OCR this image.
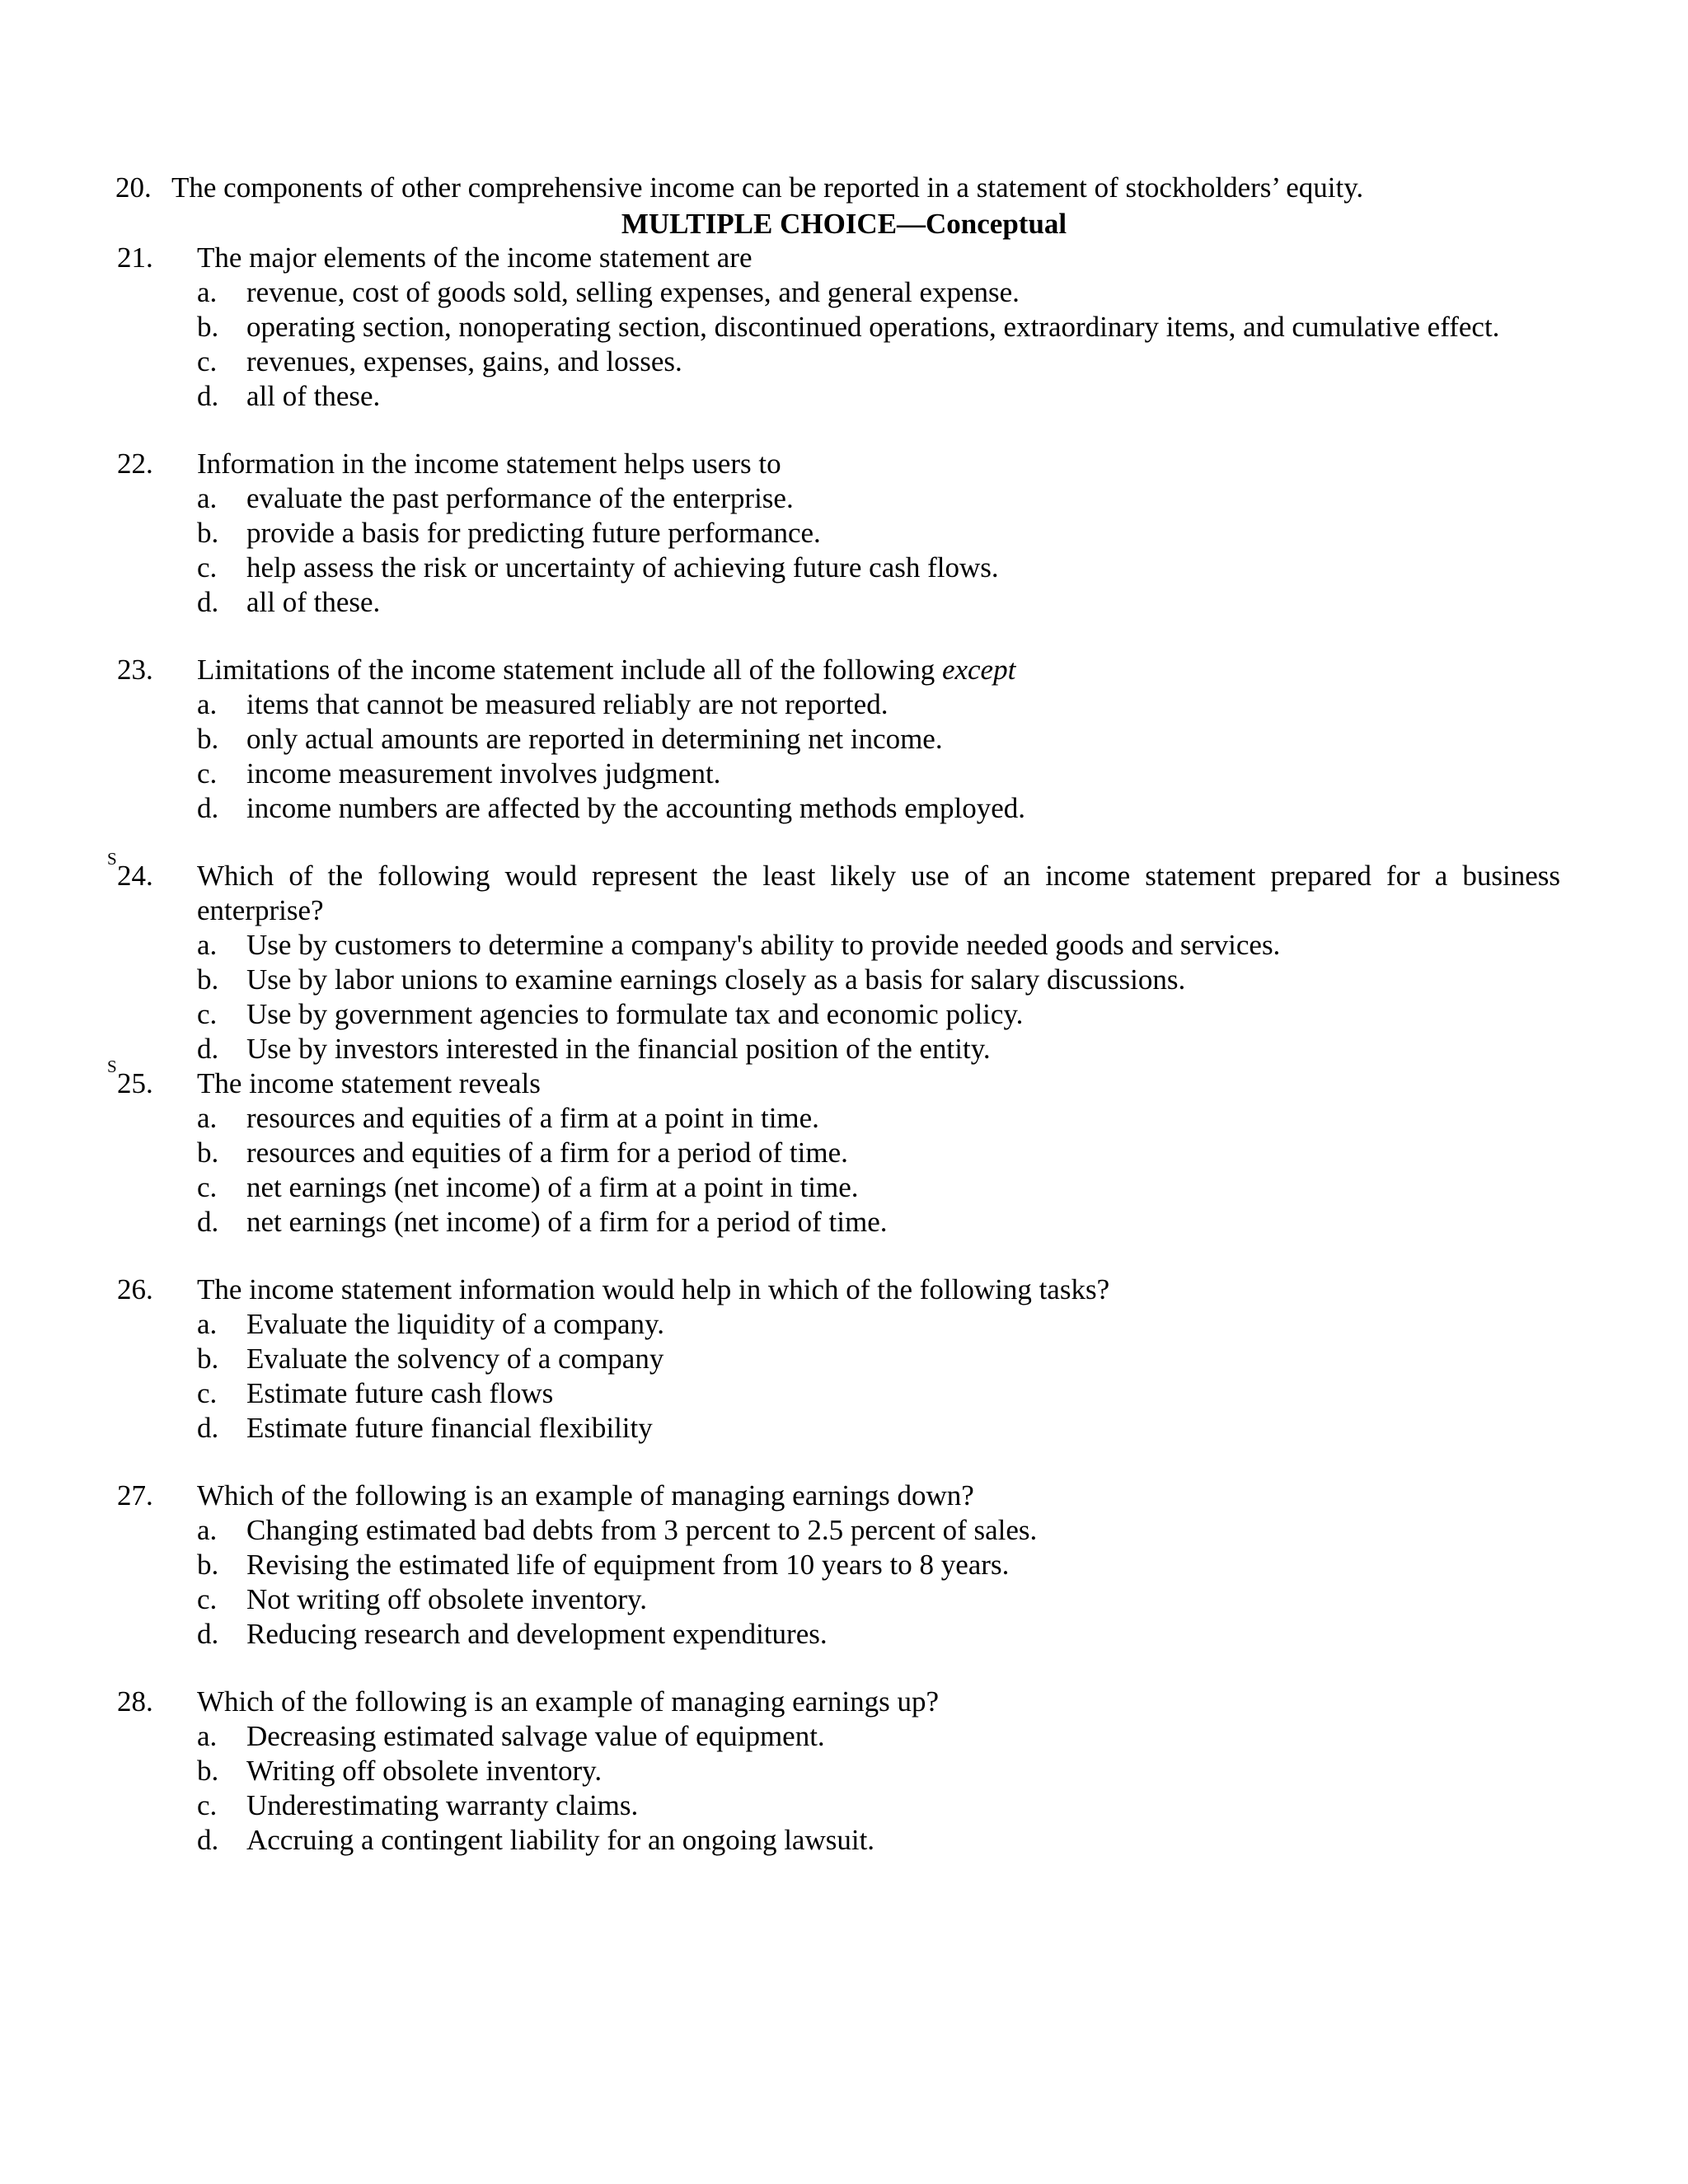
20. The components of other comprehensive income can be reported in a statement of stockholders’ equity.
MULTIPLE CHOICE—Conceptual
21. The major elements of the income statement are
a. revenue, cost of goods sold, selling expenses, and general expense.
b. operating section, nonoperating section, discontinued operations, extraordinary items, and cumulative effect.
c. revenues, expenses, gains, and losses.
d. all of these.
22. Information in the income statement helps users to
a. evaluate the past performance of the enterprise.
b. provide a basis for predicting future performance.
c. help assess the risk or uncertainty of achieving future cash flows.
d. all of these.
23. Limitations of the income statement include all of the following except
a. items that cannot be measured reliably are not reported.
b. only actual amounts are reported in determining net income.
c. income measurement involves judgment.
d. income numbers are affected by the accounting methods employed.
S
24. Which of the following would represent the least likely use of an income statement prepared for a business enterprise?
a. Use by customers to determine a company's ability to provide needed goods and services.
b. Use by labor unions to examine earnings closely as a basis for salary discussions.
c. Use by government agencies to formulate tax and economic policy.
d. Use by investors interested in the financial position of the entity.
S
25. The income statement reveals
a. resources and equities of a firm at a point in time.
b. resources and equities of a firm for a period of time.
c. net earnings (net income) of a firm at a point in time.
d. net earnings (net income) of a firm for a period of time.
26. The income statement information would help in which of the following tasks?
a. Evaluate the liquidity of a company.
b. Evaluate the solvency of a company
c. Estimate future cash flows
d. Estimate future financial flexibility
27. Which of the following is an example of managing earnings down?
a. Changing estimated bad debts from 3 percent to 2.5 percent of sales.
b. Revising the estimated life of equipment from 10 years to 8 years.
c. Not writing off obsolete inventory.
d. Reducing research and development expenditures.
28. Which of the following is an example of managing earnings up?
a. Decreasing estimated salvage value of equipment.
b. Writing off obsolete inventory.
c. Underestimating warranty claims.
d. Accruing a contingent liability for an ongoing lawsuit.
